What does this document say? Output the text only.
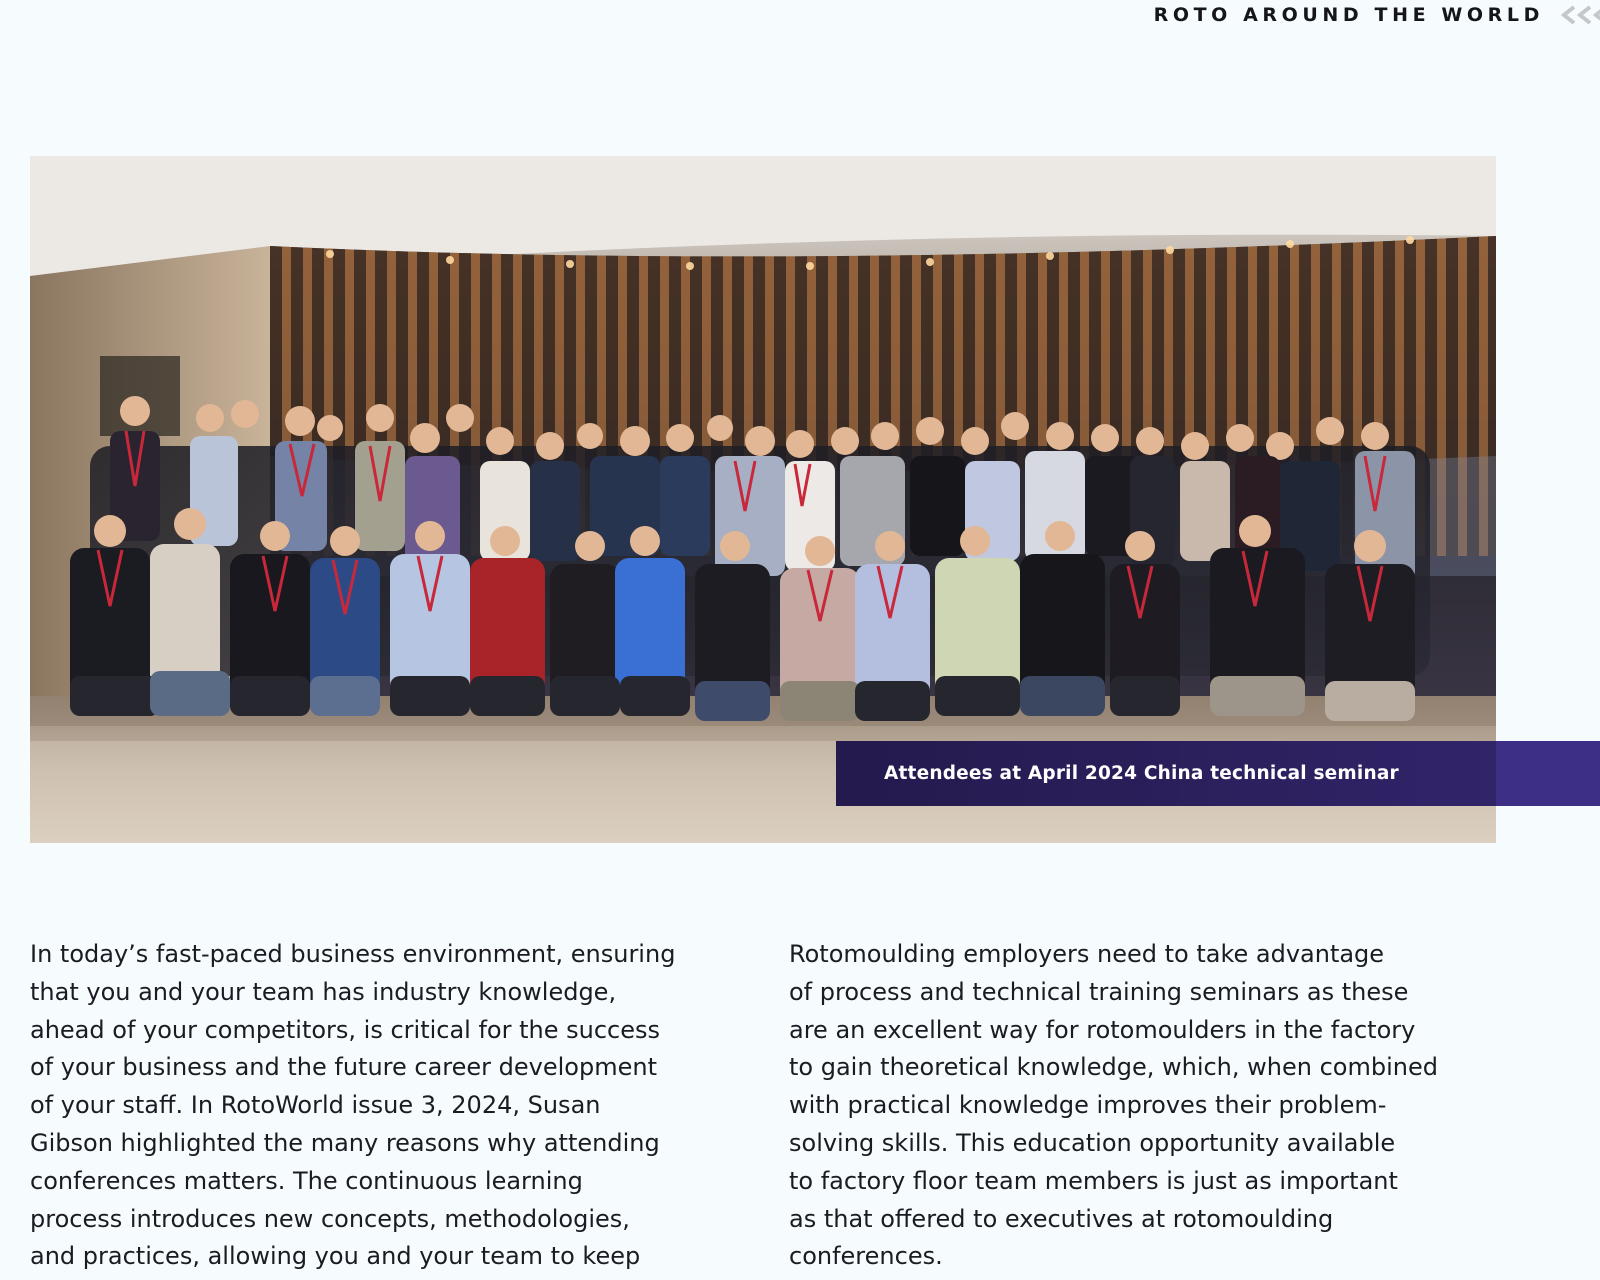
ROTO AROUND THE WORLD
Attendees at April 2024 China technical seminar

In today’s fast-paced business environment, ensuring
that you and your team has industry knowledge,
ahead of your competitors, is critical for the success
of your business and the future career development
of your staff. In RotoWorld issue 3, 2024, Susan
Gibson highlighted the many reasons why attending
conferences matters. The continuous learning
process introduces new concepts, methodologies,
and practices, allowing you and your team to keep

Rotomoulding employers need to take advantage
of process and technical training seminars as these
are an excellent way for rotomoulders in the factory
to gain theoretical knowledge, which, when combined
with practical knowledge improves their problem-
solving skills. This education opportunity available
to factory floor team members is just as important
as that offered to executives at rotomoulding
conferences.
